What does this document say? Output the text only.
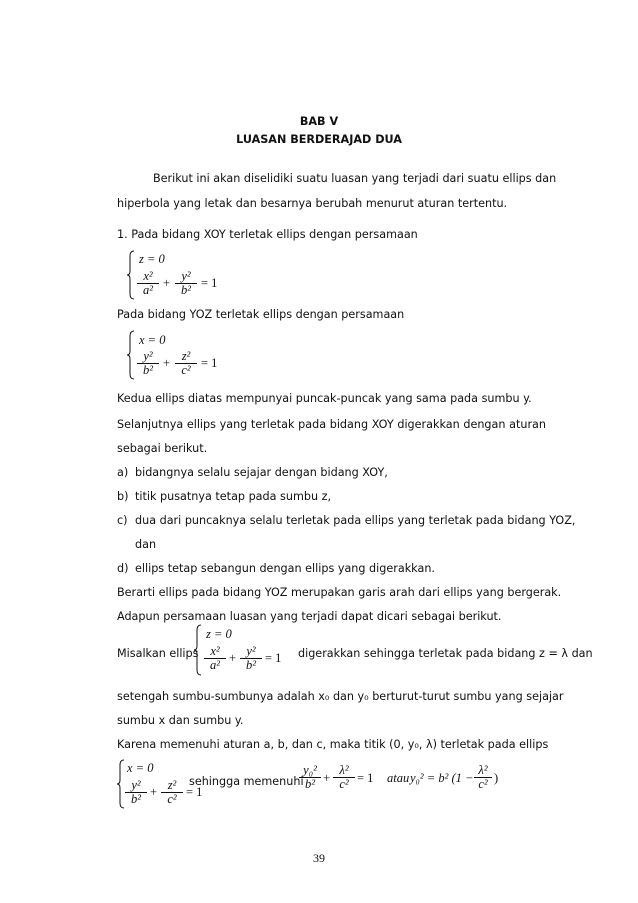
BAB V
LUASAN BERDERAJAD DUA
Berikut ini akan diselidiki suatu luasan yang terjadi dari suatu ellips dan
hiperbola yang letak dan besarnya berubah menurut aturan tertentu.
1. Pada bidang XOY terletak ellips dengan persamaan
z = 0
$\frac{\text{x²}}{\text{a²}} + \frac{\text{y²}}{\text{b²}} = 1$
Pada bidang YOZ terletak ellips dengan persamaan
x = 0
$\frac{\text{y²}}{\text{b²}} + \frac{\text{z²}}{\text{c²}} = 1$
Kedua ellips diatas mempunyai puncak-puncak yang sama pada sumbu y.
Selanjutnya ellips yang terletak pada bidang XOY digerakkan dengan aturan
sebagai berikut.
a) bidangnya selalu sejajar dengan bidang XOY,
b) titik pusatnya tetap pada sumbu z,
c) dua dari puncaknya selalu terletak pada ellips yang terletak pada bidang YOZ,
dan
d) ellips tetap sebangun dengan ellips yang digerakkan.
Berarti ellips pada bidang YOZ merupakan garis arah dari ellips yang bergerak.
Adapun persamaan luasan yang terjadi dapat dicari sebagai berikut.
Misalkan ellips
z = 0
$\frac{\text{x²}}{\text{a²}} + \frac{\text{y²}}{\text{b²}} = 1$ digerakkan sehingga terletak pada bidang z = λ dan
setengah sumbu-sumbunya adalah x₀ dan y₀ berturut-turut sumbu yang sejajar
sumbu x dan sumbu y.
Karena memenuhi aturan a, b, dan c, maka titik (0, y₀, λ) terletak pada ellips
x = 0
$\frac{\text{y²}}{\text{b²}} + \frac{\text{z²}}{\text{c²}} = 1$
sehingga memenuhi
$\frac{\text{y₀²}}{\text{b²}} + \frac{\text{λ²}}{\text{c²}} = 1$ atau y₀² = b² ($1 - \frac{\text{λ²}}{\text{c²}}$ )
39
